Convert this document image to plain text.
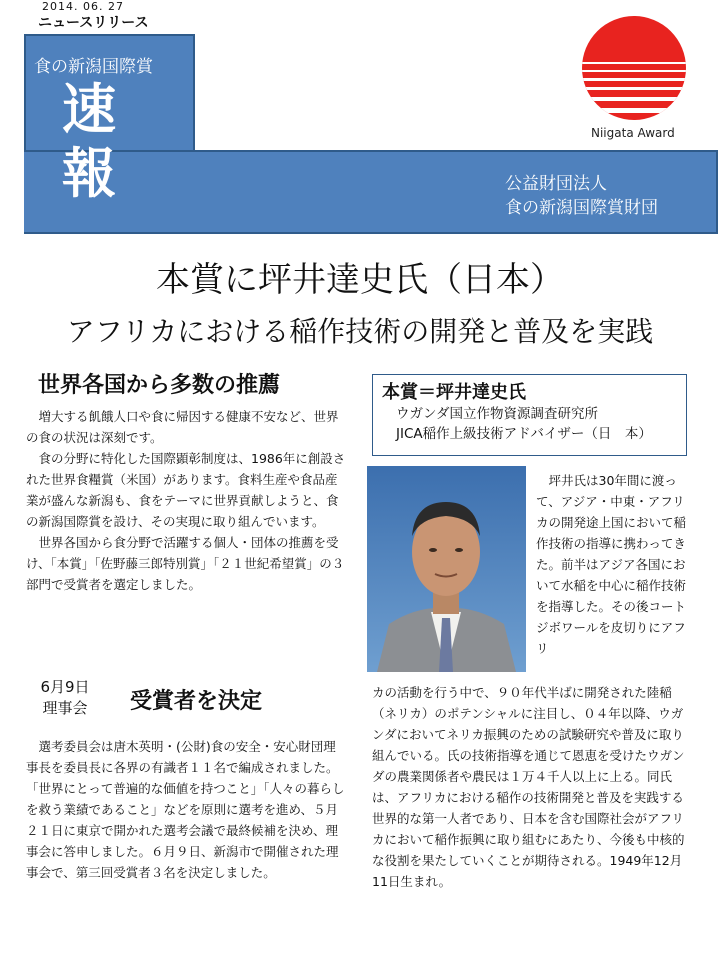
2014. 06. 27
ニュースリリース
食の新潟国際賞
速
報	公益財団法人
食の新潟国際賞財団
Niigata Award
本賞に坪井達史氏（日本）
アフリカにおける稲作技術の開発と普及を実践
世界各国から多数の推薦

増大する飢餓人口や食に帰因する健康不安など、世界の食の状況は深刻です。

食の分野に特化した国際顕彰制度は、1986年に創設された世界食糧賞（米国）があります。食料生産や食品産業が盛んな新潟も、食をテーマに世界貢献しようと、食の新潟国際賞を設け、その実現に取り組んでいます。

世界各国から食分野で活躍する個人・団体の推薦を受け、「本賞」「佐野藤三郎特別賞」「２１世紀希望賞」の３部門で受賞者を選定しました。

6月9日
理事会	受賞者を決定

選考委員会は唐木英明・(公財)食の安全・安心財団理事長を委員長に各界の有識者１１名で編成されました。「世界にとって普遍的な価値を持つこと」「人々の暮らしを救う業績であること」などを原則に選考を進め、５月２１日に東京で開かれた選考会議で最終候補を決め、理事会に答申しました。６月９日、新潟市で開催された理事会で、第三回受賞者３名を決定しました。

本賞＝坪井達史氏
ウガンダ国立作物資源調査研究所
JICA稲作上級技術アドバイザー（日　本）
坪井氏は30年間に渡って、アジア・中東・アフリカの開発途上国において稲作技術の指導に携わってきた。前半はアジア各国において水稲を中心に稲作技術を指導した。その後コートジボワールを皮切りにアフリ
カの活動を行う中で、９０年代半ばに開発された陸稲（ネリカ）のポテンシャルに注目し、０４年以降、ウガンダにおいてネリカ振興のための試験研究や普及に取り組んでいる。氏の技術指導を通じて恩恵を受けたウガンダの農業関係者や農民は１万４千人以上に上る。同氏は、アフリカにおける稲作の技術開発と普及を実践する世界的な第一人者であり、日本を含む国際社会がアフリカにおいて稲作振興に取り組むにあたり、今後も中核的な役割を果たしていくことが期待される。1949年12月11日生まれ。
